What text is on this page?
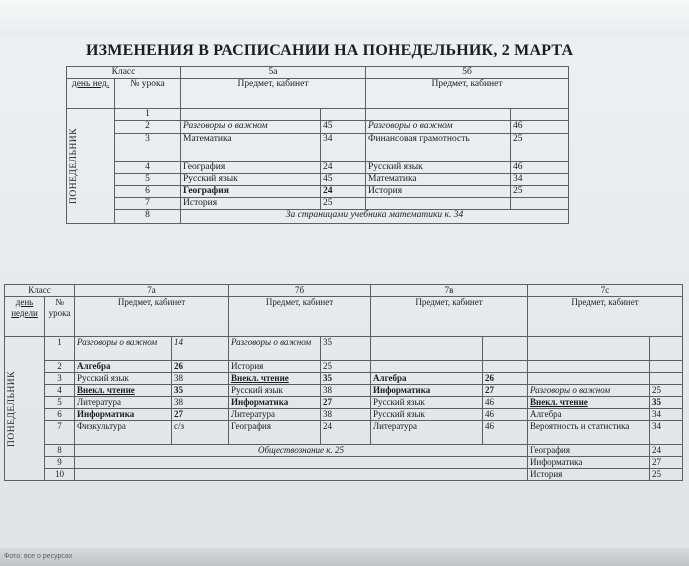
ИЗМЕНЕНИЯ В РАСПИСАНИИ НА ПОНЕДЕЛЬНИК, 2 МАРТА
Класс		5а		5б	
день нед.	№ урока	Предмет, кабинет		Предмет, кабинет	

ПОНЕДЕЛЬНИК	1				
	2	Разговоры о важном	45	Разговоры о важном	46
	3	Математика	34	Финансовая грамотность	25
	4	География	24	Русский язык	46
	5	Русский язык	45	Математика	34
	6	География	24	История	25
	7	История	25		
	8	За страницами учебника математики к. 34			
Класс		7а		7б		7в		7с	
день недели	№ урока	Предмет, кабинет		Предмет, кабинет		Предмет, кабинет		Предмет, кабинет	

ПОНЕДЕЛЬНИК	1	Разговоры о важном	14	Разговоры о важном	35				
	2	Алгебра	26	История	25				
	3	Русский язык	38	Внекл. чтение	35	Алгебра	26		
	4	Внекл. чтение	35	Русский язык	38	Информатика	27	Разговоры о важном	25
	5	Литература	38	Информатика	27	Русский язык	46	Внекл. чтение	35
	6	Информатика	27	Литература	38	Русский язык	46	Алгебра	34
	7	Физкультура	с/з	География	24	Литература	46	Вероятность и статистика	34
	8	Обществознание к. 25						География	24
	9							Информатика	27
	10							История	25
Фото: все о ресурсах
